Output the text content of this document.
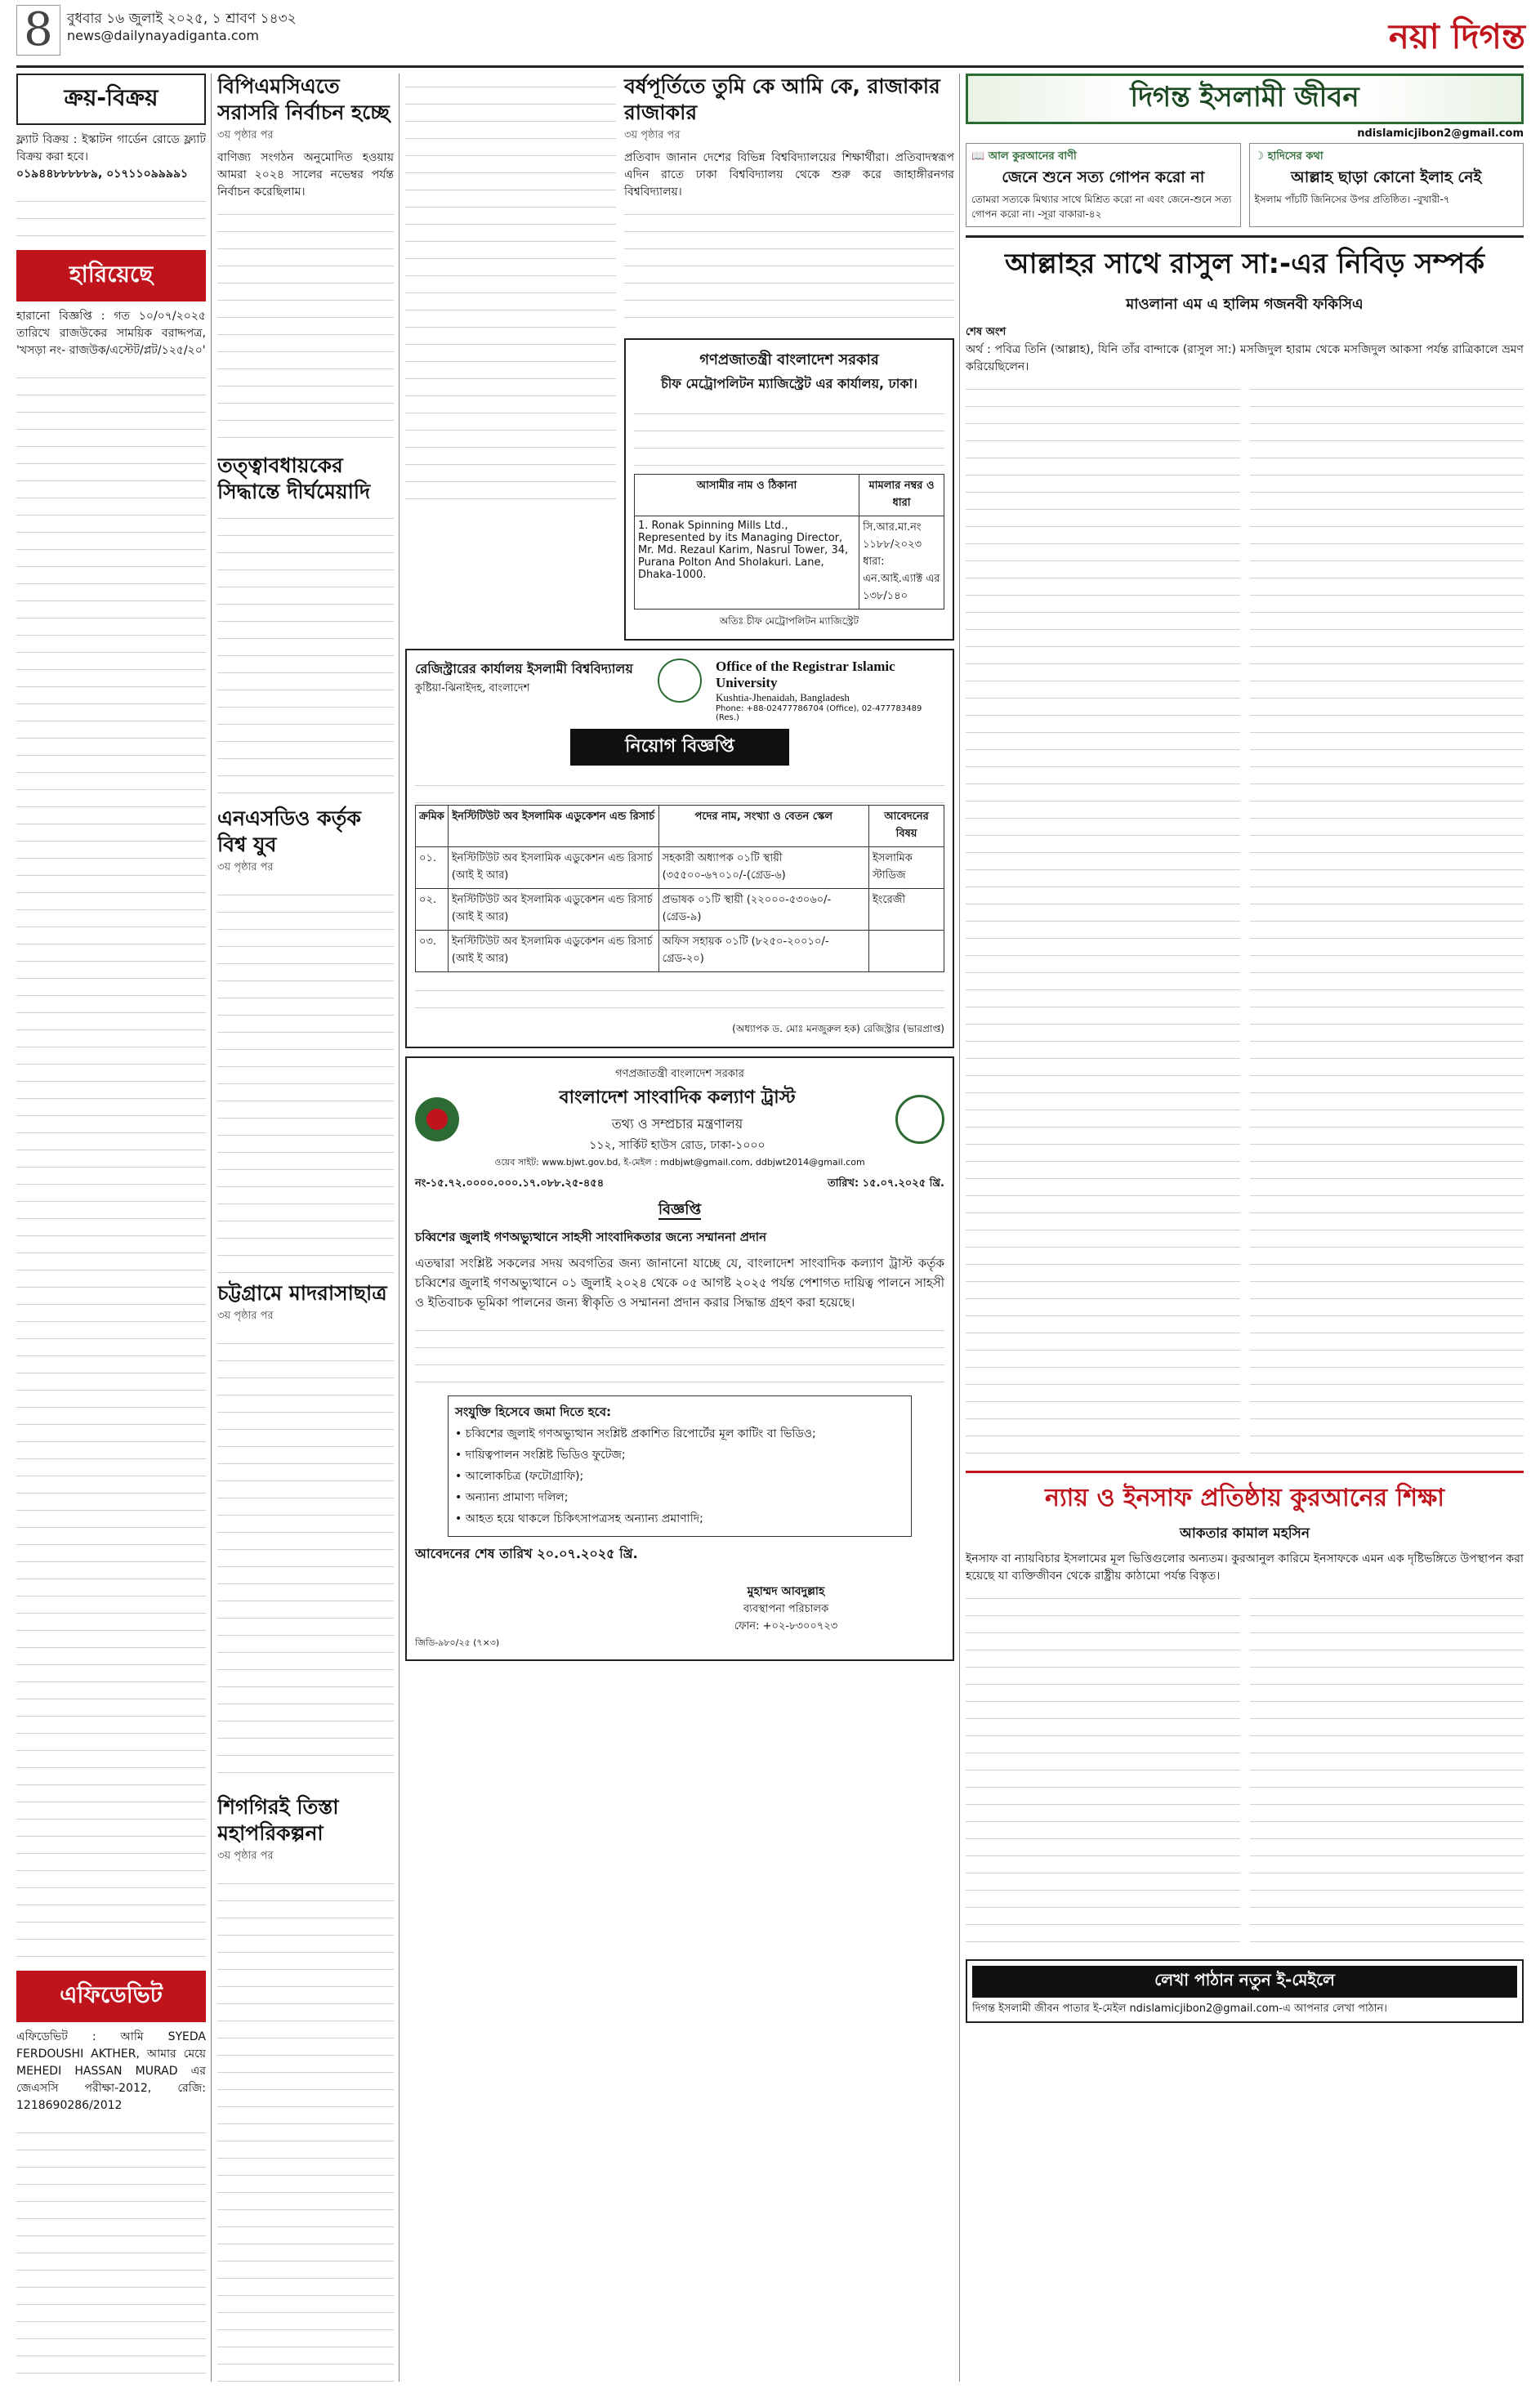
8	বুধবার ১৬ জুলাই ২০২৫, ১ শ্রাবণ ১৪৩২
news@dailynayadiganta.com	নয়া দিগন্ত
ক্রয়-বিক্রয়
ফ্ল্যাট বিক্রয় : ইস্কাটন গার্ডেন রোডে ফ্ল্যাট বিক্রয় করা হবে।
০১৯৪৪৮৮৮৮৮৯, ০১৭১১০৯৯৯৯১
হারিয়েছে
হারানো বিজ্ঞপ্তি : গত ১০/০৭/২০২৫ তারিখে রাজউকের সাময়িক বরাদ্দপত্র, 'খসড়া নং- রাজউক/এস্টেট/প্লট/১২৫/২০'
এফিডেভিট
এফিডেভিট : আমি SYEDA FERDOUSHI AKTHER, আমার মেয়ে MEHEDI HASSAN MURAD এর জেএসসি পরীক্ষা-2012, রেজি: 1218690286/2012
বিপিএমসিএতে সরাসরি নির্বাচন হচ্ছে
৩য় পৃষ্ঠার পর
বাণিজ্য সংগঠন অনুমোদিত হওয়ায় আমরা ২০২৪ সালের নভেম্বর পর্যন্ত নির্বাচন করেছিলাম।
তত্ত্বাবধায়কের সিদ্ধান্তে দীর্ঘমেয়াদি
এনএসডিও কর্তৃক বিশ্ব যুব
৩য় পৃষ্ঠার পর
চট্টগ্রামে মাদরাসাছাত্র
৩য় পৃষ্ঠার পর
শিগগিরই তিস্তা মহাপরিকল্পনা
৩য় পৃষ্ঠার পর
বর্ষপূর্তিতে তুমি কে আমি কে, রাজাকার রাজাকার
৩য় পৃষ্ঠার পর
প্রতিবাদ জানান দেশের বিভিন্ন বিশ্ববিদ্যালয়ের শিক্ষার্থীরা। প্রতিবাদস্বরূপ এদিন রাতে ঢাকা বিশ্ববিদ্যালয় থেকে শুরু করে জাহাঙ্গীরনগর বিশ্ববিদ্যালয়।
গণপ্রজাতন্ত্রী বাংলাদেশ সরকার
চীফ মেট্রোপলিটন ম্যাজিস্ট্রেট এর কার্যালয়, ঢাকা।
আসামীর নাম ও ঠিকানা	মামলার নম্বর ও ধারা
1. Ronak Spinning Mills Ltd., Represented by its Managing Director, Mr. Md. Rezaul Karim, Nasrul Tower, 34, Purana Polton And Sholakuri. Lane, Dhaka-1000.	সি.আর.মা.নং ১১৮৮/২০২৩
ধারা: এন.আই.এ্যাক্ট এর ১৩৮/১৪০
অতিঃ চীফ মেট্রোপলিটন ম্যাজিস্ট্রেট
রেজিস্ট্রারের কার্যালয় ইসলামী বিশ্ববিদ্যালয়
কুষ্টিয়া-ঝিনাইদহ, বাংলাদেশ
Office of the Registrar Islamic University
Kushtia-Jhenaidah, Bangladesh
Phone: +88-02477786704 (Office), 02-477783489 (Res.)
নিয়োগ বিজ্ঞপ্তি
ক্রমিক	ইনস্টিটিউট অব ইসলামিক এডুকেশন এন্ড রিসার্চ	পদের নাম, সংখ্যা ও বেতন স্কেল	আবেদনের বিষয়
০১.	ইনস্টিটিউট অব ইসলামিক এডুকেশন এন্ড রিসার্চ (আই ই আর)	সহকারী অধ্যাপক ০১টি স্থায়ী (৩৫৫০০-৬৭০১০/-(গ্রেড-৬)	ইসলামিক স্টাডিজ
০২.	ইনস্টিটিউট অব ইসলামিক এডুকেশন এন্ড রিসার্চ (আই ই আর)	প্রভাষক ০১টি স্থায়ী (২২০০০-৫৩০৬০/-(গ্রেড-৯)	ইংরেজী
০৩.	ইনস্টিটিউট অব ইসলামিক এডুকেশন এন্ড রিসার্চ (আই ই আর)	অফিস সহায়ক ০১টি (৮২৫০-২০০১০/- গ্রেড-২০)	
(অধ্যাপক ড. মোঃ মনজুরুল হক) রেজিস্ট্রার (ভারপ্রাপ্ত)
গণপ্রজাতন্ত্রী বাংলাদেশ সরকার
বাংলাদেশ সাংবাদিক কল্যাণ ট্রাস্ট
তথ্য ও সম্প্রচার মন্ত্রণালয়
১১২, সার্কিট হাউস রোড, ঢাকা-১০০০
ওয়েব সাইট: www.bjwt.gov.bd, ই-মেইল : mdbjwt@gmail.com, ddbjwt2014@gmail.com
নং-১৫.৭২.০০০০.০০০.১৭.০৮৮.২৫-৪৫৪	তারিখ: ১৫.০৭.২০২৫ খ্রি.
বিজ্ঞপ্তি
চব্বিশের জুলাই গণঅভ্যুত্থানে সাহসী সাংবাদিকতার জন্যে সম্মাননা প্রদান
এতদ্বারা সংশ্লিষ্ট সকলের সদয় অবগতির জন্য জানানো যাচ্ছে যে, বাংলাদেশ সাংবাদিক কল্যাণ ট্রাস্ট কর্তৃক চব্বিশের জুলাই গণঅভ্যুত্থানে ০১ জুলাই ২০২৪ থেকে ০৫ আগষ্ট ২০২৫ পর্যন্ত পেশাগত দায়িত্ব পালনে সাহসী ও ইতিবাচক ভূমিকা পালনের জন্য স্বীকৃতি ও সম্মাননা প্রদান করার সিদ্ধান্ত গ্রহণ করা হয়েছে।
সংযুক্তি হিসেবে জমা দিতে হবে:
• চব্বিশের জুলাই গণঅভ্যুত্থান সংশ্লিষ্ট প্রকাশিত রিপোর্টের মূল কাটিং বা ভিডিও;
• দায়িত্বপালন সংশ্লিষ্ট ভিডিও ফুটেজ;
• আলোকচিত্র (ফটোগ্রাফি);
• অন্যান্য প্রামাণ্য দলিল;
• আহত হয়ে থাকলে চিকিৎসাপত্রসহ অন্যান্য প্রমাণাদি;
আবেদনের শেষ তারিখ ২০.০৭.২০২৫ খ্রি.
মুহাম্মদ আবদুল্লাহ
ব্যবস্থাপনা পরিচালক
ফোন: +০২-৮৩০০৭২৩
জিডি-৯৮০/২৫ (৭×৩)
দিগন্ত ইসলামী জীবন
ndislamicjibon2@gmail.com
📖 আল কুরআনের বাণী
জেনে শুনে সত্য গোপন করো না
তোমরা সত্যকে মিথ্যার সাথে মিশ্রিত করো না এবং জেনে-শুনে সত্য গোপন করো না। -সূরা বাকারা-৪২
☽ হাদিসের কথা
আল্লাহ ছাড়া কোনো ইলাহ নেই
ইসলাম পাঁচটি জিনিসের উপর প্রতিষ্ঠিত। -বুখারী-৭
আল্লাহর সাথে রাসুল সা:-এর নিবিড় সম্পর্ক
মাওলানা এম এ হালিম গজনবী ফকিসিএ
শেষ অংশ
অর্থ : পবিত্র তিনি (আল্লাহ), যিনি তাঁর বান্দাকে (রাসুল সা:) মসজিদুল হারাম থেকে মসজিদুল আকসা পর্যন্ত রাত্রিকালে ভ্রমণ করিয়েছিলেন।
ন্যায় ও ইনসাফ প্রতিষ্ঠায় কুরআনের শিক্ষা
আকতার কামাল মহসিন
ইনসাফ বা ন্যায়বিচার ইসলামের মূল ভিত্তিগুলোর অন্যতম। কুরআনুল কারিমে ইনসাফকে এমন এক দৃষ্টিভঙ্গিতে উপস্থাপন করা হয়েছে যা ব্যক্তিজীবন থেকে রাষ্ট্রীয় কাঠামো পর্যন্ত বিস্তৃত।
লেখা পাঠান নতুন ই-মেইলে
দিগন্ত ইসলামী জীবন পাতার ই-মেইল ndislamicjibon2@gmail.com-এ আপনার লেখা পাঠান।
